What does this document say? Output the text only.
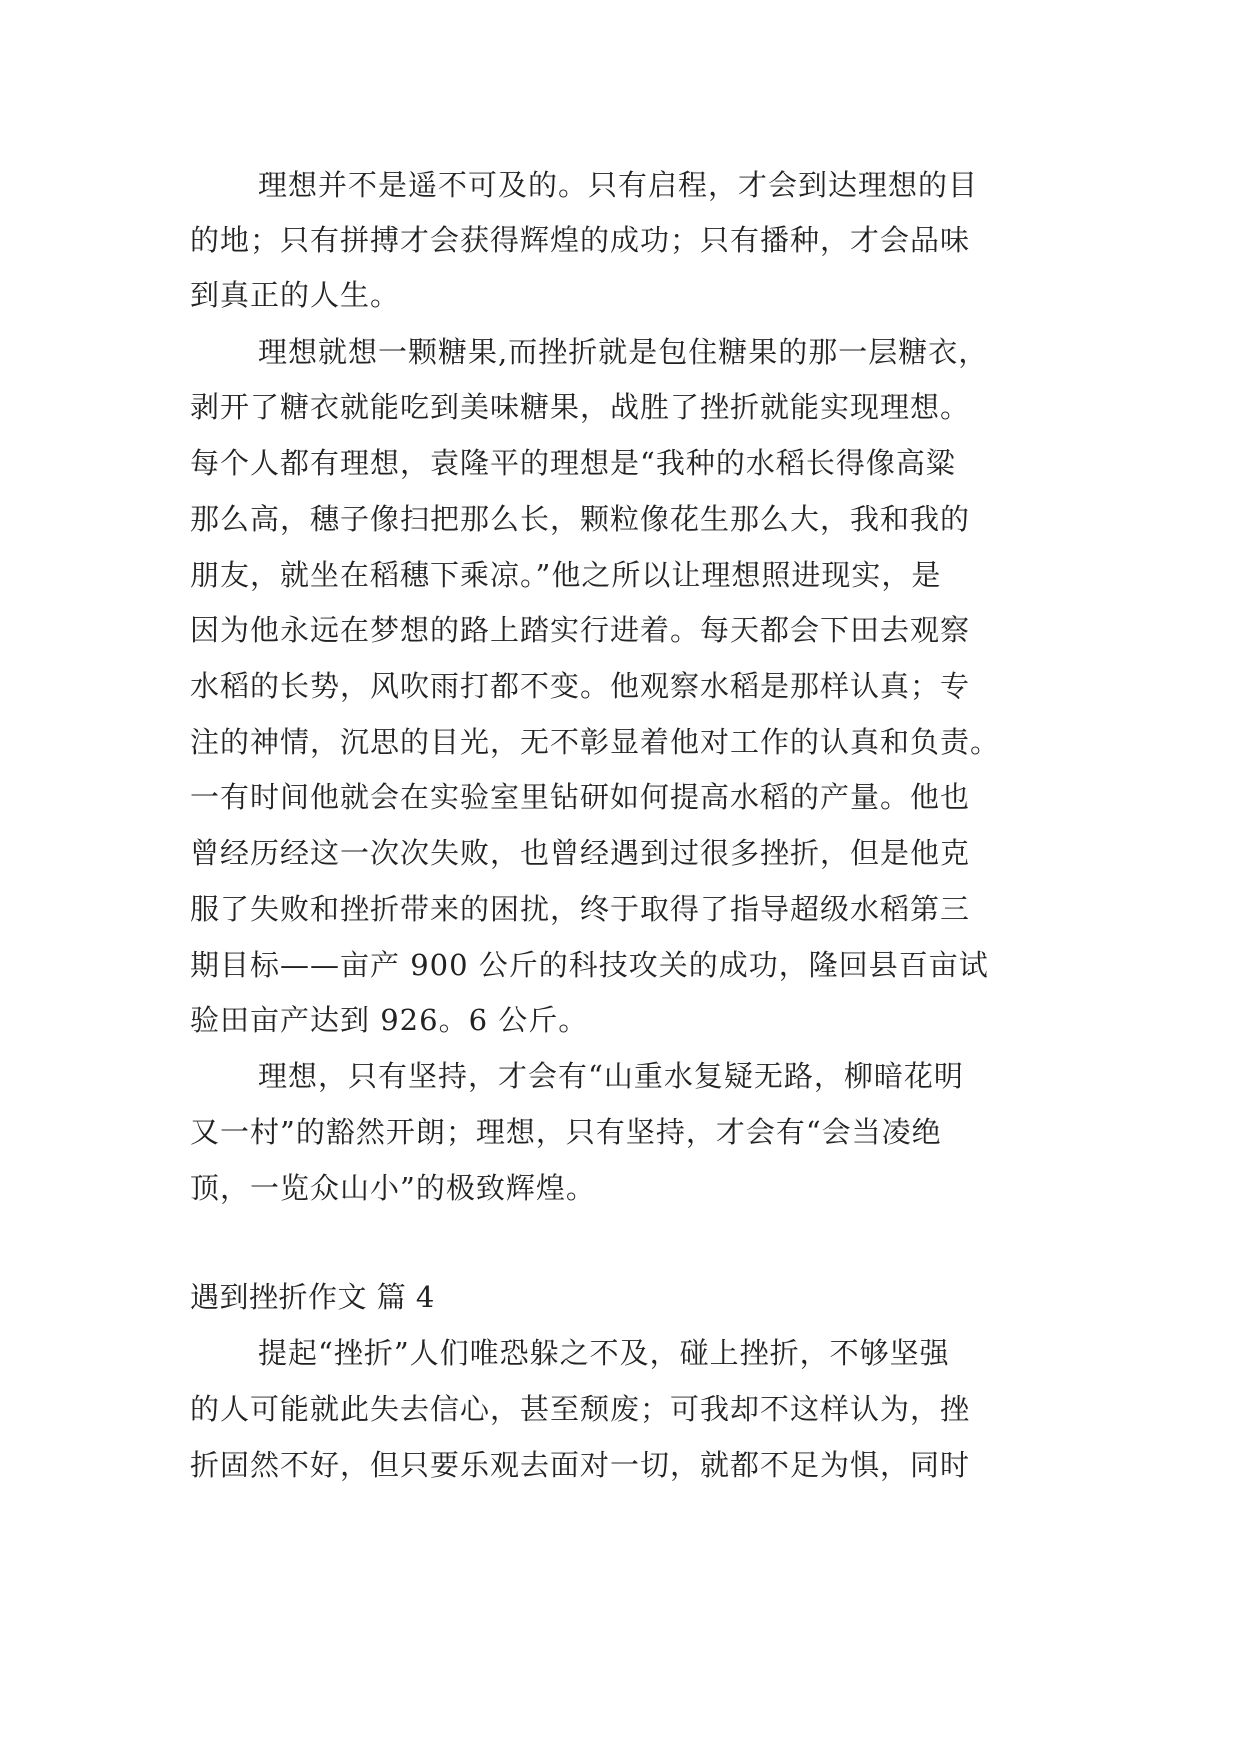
理想并不是遥不可及的。只有启程，才会到达理想的目
的地；只有拼搏才会获得辉煌的成功；只有播种，才会品味
到真正的人生。
理想就想一颗糖果,而挫折就是包住糖果的那一层糖衣，
剥开了糖衣就能吃到美味糖果，战胜了挫折就能实现理想。
每个人都有理想，袁隆平的理想是“我种的水稻长得像高粱
那么高，穗子像扫把那么长，颗粒像花生那么大，我和我的
朋友，就坐在稻穗下乘凉。”他之所以让理想照进现实，是
因为他永远在梦想的路上踏实行进着。每天都会下田去观察
水稻的长势，风吹雨打都不变。他观察水稻是那样认真；专
注的神情，沉思的目光，无不彰显着他对工作的认真和负责。
一有时间他就会在实验室里钻研如何提高水稻的产量。他也
曾经历经这一次次失败，也曾经遇到过很多挫折，但是他克
服了失败和挫折带来的困扰，终于取得了指导超级水稻第三
期目标——亩产 900 公斤的科技攻关的成功，隆回县百亩试
验田亩产达到 926。6 公斤。
理想，只有坚持，才会有“山重水复疑无路，柳暗花明
又一村”的豁然开朗；理想，只有坚持，才会有“会当凌绝
顶，一览众山小”的极致辉煌。
遇到挫折作文 篇 4
提起“挫折”人们唯恐躲之不及，碰上挫折，不够坚强
的人可能就此失去信心，甚至颓废；可我却不这样认为，挫
折固然不好，但只要乐观去面对一切，就都不足为惧，同时
